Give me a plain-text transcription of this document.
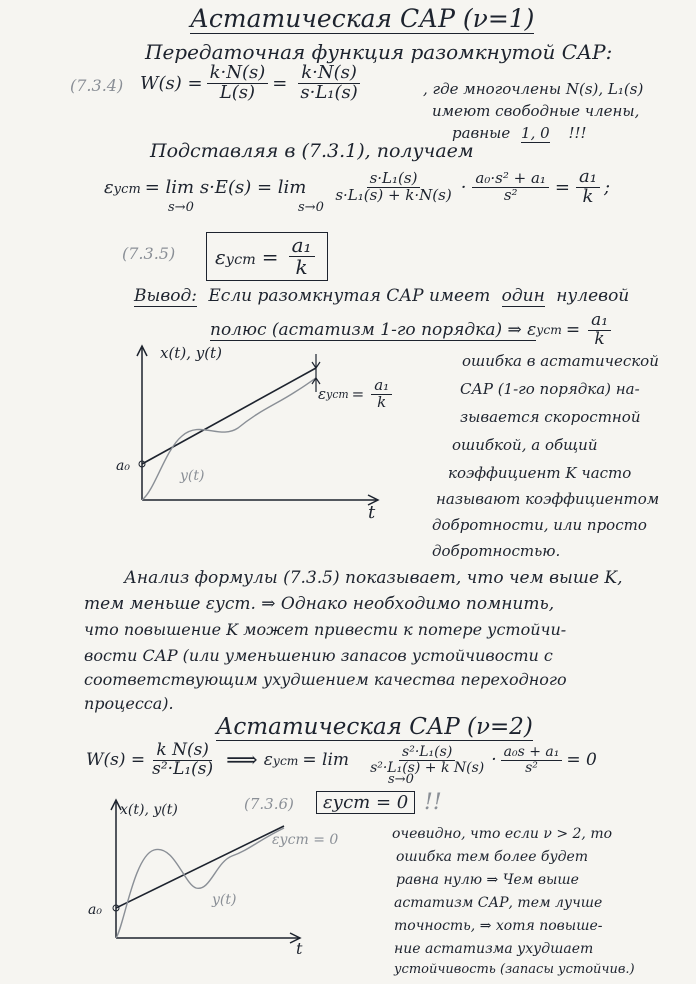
Астатическая САР (ν=1)
Передаточная функция разомкнутой САР:
(7.3.4) $W(s) = \frac{k\cdot N(s)}{L(s)} = \frac{k\cdot N(s)}{\text{s·L₁(s)}}$	, где многочлены N(s), L₁(s)
имеют свободные члены,
равные 1, 0 !!!
Подставляя в (7.3.1), получаем
$\varepsilon уст = \lim s\cdot E(s) = \lim \frac{\text{s·L₁(s)}}{\text{s·L₁(s) + k·N(s)}} \cdot \frac{\text{a₀·s² + a₁}}{\text{s²}} = \frac{\text{a₁}}{k}$ ;
s→0	s→0
(7.3.5) $\varepsilon уст = \frac{\text{a₁}}{k}$
Вывод: Если разомкнутая САР имеет один нулевой
полюс (астатизм 1-го порядка) ⇒ ε уст = $\frac{\text{a₁}}{k}$
x(t), y(t)
t
a₀
y(t)
ε уст = $\frac{\text{a₁}}{k}$
ошибка в астатической
САР (1-го порядка) на-
зывается скоростной
ошибкой, а общий
коэффициент K часто
называют коэффициентом
добротности, или просто
добротностью.
Анализ формулы (7.3.5) показывает, что чем выше K,
тем меньше εуст. ⇒ Однако необходимо помнить,
что повышение K может привести к потере устойчи-
вости САР (или уменьшению запасов устойчивости с
соответствующим ухудшением качества переходного
процесса).
Астатическая САР (ν=2)
$W(s) = \frac{\text{k N(s)}}{\text{s²·L₁(s)}}$ ⟹ $\varepsilon уст = \lim \frac{\text{s²·L₁(s)}}{\text{s²·L₁(s) + k N(s)}} \cdot \frac{\text{a₀s + a₁}}{\text{s²}} = 0$
s→0
(7.3.6)	εуст = 0 !!
x(t), y(t)
t
a₀
y(t)
εуст = 0	очевидно, что если ν > 2, то
ошибка тем более будет
равна нулю ⇒ Чем выше
астатизм САР, тем лучше
точность, ⇒ хотя повыше-
ние астатизма ухудшает
устойчивость (запасы устойчив.)
